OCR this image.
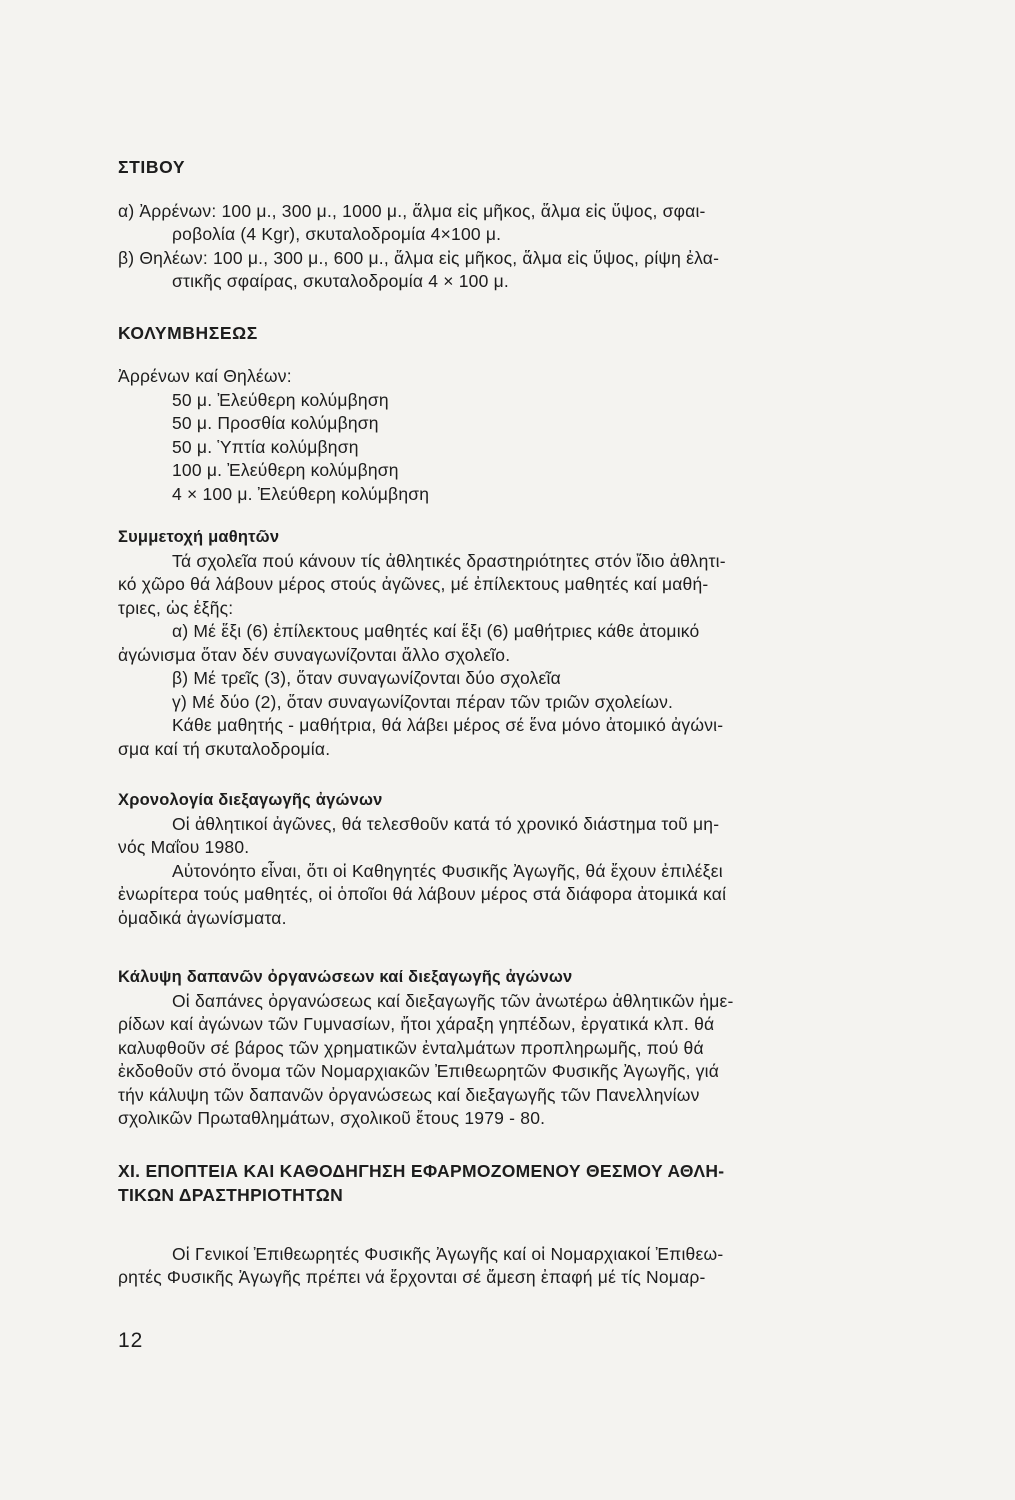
ΣΤΙΒΟΥ

α) Ἀρρένων: 100 μ., 300 μ., 1000 μ., ἅλμα εἰς μῆκος, ἅλμα εἰς ὕψος, σφαι-

ροβολία (4 Kgr), σκυταλοδρομία 4×100 μ.

β) Θηλέων: 100 μ., 300 μ., 600 μ., ἅλμα εἰς μῆκος, ἅλμα εἰς ὕψος, ρίψη ἐλα-

στικῆς σφαίρας, σκυταλοδρομία 4 × 100 μ.

ΚΟΛΥΜΒΗΣΕΩΣ

Ἀρρένων καί Θηλέων:

50 μ. Ἐλεύθερη κολύμβηση

50 μ. Προσθία κολύμβηση

50 μ. Ὑπτία κολύμβηση

100 μ. Ἐλεύθερη κολύμβηση

4 × 100 μ. Ἐλεύθερη κολύμβηση

Συμμετοχή μαθητῶν

Τά σχολεῖα πού κάνουν τίς ἀθλητικές δραστηριότητες στόν ἴδιο ἀθλητι-

κό χῶρο θά λάβουν μέρος στούς ἀγῶνες, μέ ἐπίλεκτους μαθητές καί μαθή-

τριες, ὡς ἑξῆς:

α) Μέ ἕξι (6) ἐπίλεκτους μαθητές καί ἕξι (6) μαθήτριες κάθε ἀτομικό

ἀγώνισμα ὅταν δέν συναγωνίζονται ἄλλο σχολεῖο.

β) Μέ τρεῖς (3), ὅταν συναγωνίζονται δύο σχολεῖα

γ) Μέ δύο (2), ὅταν συναγωνίζονται πέραν τῶν τριῶν σχολείων.

Κάθε μαθητής - μαθήτρια, θά λάβει μέρος σέ ἕνα μόνο ἀτομικό ἀγώνι-

σμα καί τή σκυταλοδρομία.

Χρονολογία διεξαγωγῆς ἀγώνων

Οἱ ἀθλητικοί ἀγῶνες, θά τελεσθοῦν κατά τό χρονικό διάστημα τοῦ μη-

νός Μαΐου 1980.

Αὐτονόητο εἶναι, ὅτι οἱ Καθηγητές Φυσικῆς Ἀγωγῆς, θά ἔχουν ἐπιλέξει

ἐνωρίτερα τούς μαθητές, οἱ ὁποῖοι θά λάβουν μέρος στά διάφορα ἀτομικά καί

ὁμαδικά ἀγωνίσματα.

Κάλυψη δαπανῶν ὀργανώσεων καί διεξαγωγῆς ἀγώνων

Οἱ δαπάνες ὀργανώσεως καί διεξαγωγῆς τῶν ἀνωτέρω ἀθλητικῶν ἡμε-

ρίδων καί ἀγώνων τῶν Γυμνασίων, ἤτοι χάραξη γηπέδων, ἐργατικά κλπ. θά

καλυφθοῦν σέ βάρος τῶν χρηματικῶν ἐνταλμάτων προπληρωμῆς, πού θά

ἐκδοθοῦν στό ὄνομα τῶν Νομαρχιακῶν Ἐπιθεωρητῶν Φυσικῆς Ἀγωγῆς, γιά

τήν κάλυψη τῶν δαπανῶν ὀργανώσεως καί διεξαγωγῆς τῶν Πανελληνίων

σχολικῶν Πρωταθλημάτων, σχολικοῦ ἔτους 1979 - 80.

XI. ΕΠΟΠΤΕΙΑ ΚΑΙ ΚΑΘΟΔΗΓΗΣΗ ΕΦΑΡΜΟΖΟΜΕΝΟΥ ΘΕΣΜΟΥ ΑΘΛΗ-

ΤΙΚΩΝ ΔΡΑΣΤΗΡΙΟΤΗΤΩΝ

Οἱ Γενικοί Ἐπιθεωρητές Φυσικῆς Ἀγωγῆς καί οἱ Νομαρχιακοί Ἐπιθεω-

ρητές Φυσικῆς Ἀγωγῆς πρέπει νά ἔρχονται σέ ἄμεση ἐπαφή μέ τίς Νομαρ-

12
